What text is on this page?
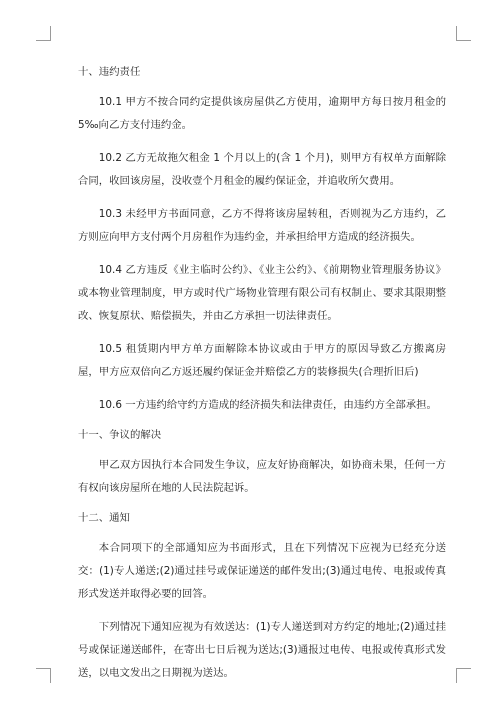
十、违约责任

10.1 甲方不按合同约定提供该房屋供乙方使用，逾期甲方每日按月租金的 5‰向乙方支付违约金。

10.2 乙方无故拖欠租金 1 个月以上的(含 1 个月)，则甲方有权单方面解除合同，收回该房屋，没收壹个月租金的履约保证金，并追收所欠费用。

10.3 未经甲方书面同意，乙方不得将该房屋转租，否则视为乙方违约，乙方则应向甲方支付两个月房租作为违约金，并承担给甲方造成的经济损失。

10.4 乙方违反《业主临时公约》、《业主公约》、《前期物业管理服务协议》或本物业管理制度，甲方或时代广场物业管理有限公司有权制止、要求其限期整改、恢复原状、赔偿损失，并由乙方承担一切法律责任。

10.5 租赁期内甲方单方面解除本协议或由于甲方的原因导致乙方搬离房屋，甲方应双倍向乙方返还履约保证金并赔偿乙方的装修损失(合理折旧后)

10.6 一方违约给守约方造成的经济损失和法律责任，由违约方全部承担。

十一、争议的解决

甲乙双方因执行本合同发生争议，应友好协商解决，如协商未果，任何一方有权向该房屋所在地的人民法院起诉。

十二、通知

本合同项下的全部通知应为书面形式，且在下列情况下应视为已经充分送交：(1)专人递送;(2)通过挂号或保证递送的邮件发出;(3)通过电传、电报或传真形式发送并取得必要的回答。

下列情况下通知应视为有效送达：(1)专人递送到对方约定的地址;(2)通过挂号或保证递送邮件，在寄出七日后视为送达;(3)通报过电传、电报或传真形式发送，以电文发出之日期视为送达。
